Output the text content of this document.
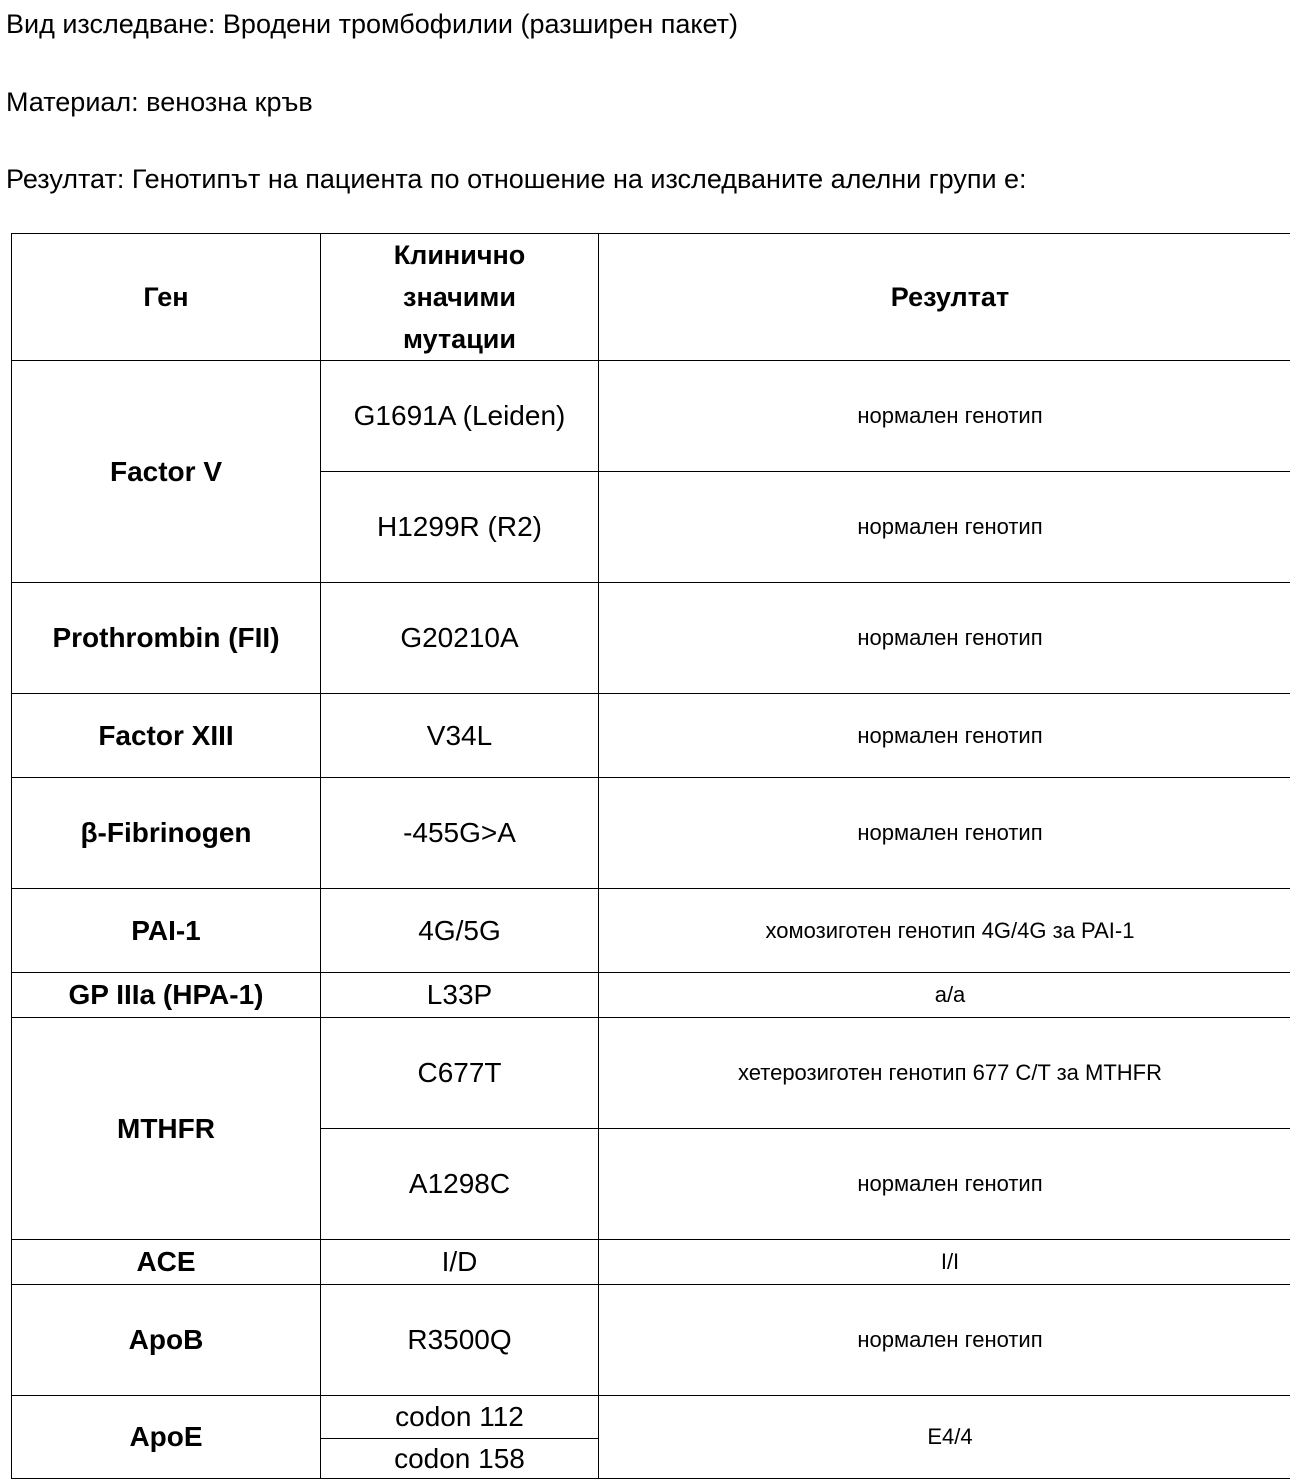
Вид изследване: Вродени тромбофилии (разширен пакет)
Материал: венозна кръв
Резултат: Генотипът на пациента по отношение на изследваните алелни групи е:
Ген	Клинично значими мутации	Резултат
Factor V	G1691A (Leiden)	нормален генотип
	H1299R (R2)	нормален генотип
Prothrombin (FII)	G20210A	нормален генотип
Factor XIII	V34L	нормален генотип
β-Fibrinogen	-455G>A	нормален генотип
PAI-1	4G/5G	хомозиготен генотип 4G/4G за PAI-1
GP IIIa (HPA-1)	L33P	a/a
MTHFR	C677T	хетерозиготен генотип 677 C/T за MTHFR
	A1298C	нормален генотип
ACE	I/D	I/I
ApoB	R3500Q	нормален генотип
ApoE	codon 112	E4/4
	codon 158	
